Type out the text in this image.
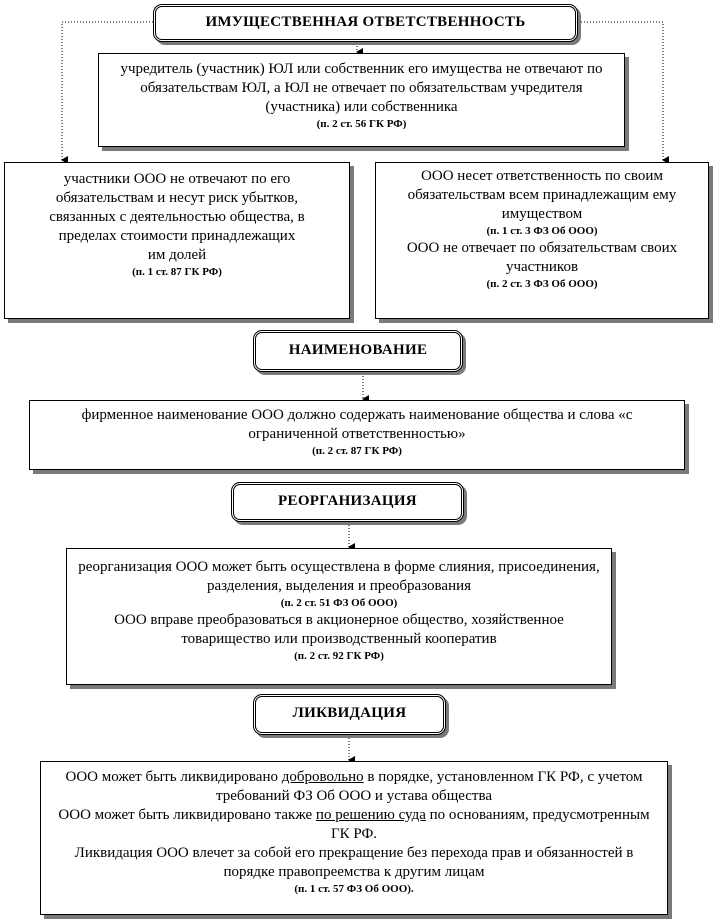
ИМУЩЕСТВЕННАЯ ОТВЕТСТВЕННОСТЬ
учредитель (участник) ЮЛ или собственник его имущества не отвечают по обязательствам ЮЛ, а ЮЛ не отвечает по обязательствам учредителя (участника) или собственника
(п. 2 ст. 56 ГК РФ)
участники ООО не отвечают по его обязательствам и несут риск убытков, связанных с деятельностью общества, в пределах стоимости принадлежащих им долей
(п. 1 ст. 87 ГК РФ)
ООО несет ответственность по своим обязательствам всем принадлежащим ему имуществом
(п. 1 ст. 3 ФЗ Об ООО)
ООО не отвечает по обязательствам своих участников
(п. 2 ст. 3 ФЗ Об ООО)
НАИМЕНОВАНИЕ
фирменное наименование ООО должно содержать наименование общества и слова «с ограниченной ответственностью»
(п. 2 ст. 87 ГК РФ)
РЕОРГАНИЗАЦИЯ
реорганизация ООО может быть осуществлена в форме слияния, присоединения, разделения, выделения и преобразования
(п. 2 ст. 51 ФЗ Об ООО)
ООО вправе преобразоваться в акционерное общество, хозяйственное товарищество или производственный кооператив
(п. 2 ст. 92 ГК РФ)
ЛИКВИДАЦИЯ
ООО может быть ликвидировано добровольно в порядке, установленном ГК РФ, с учетом требований ФЗ Об ООО и устава общества
ООО может быть ликвидировано также по решению суда по основаниям, предусмотренным ГК РФ.
Ликвидация ООО влечет за собой его прекращение без перехода прав и обязанностей в порядке правопреемства к другим лицам
(п. 1 ст. 57 ФЗ Об ООО).
